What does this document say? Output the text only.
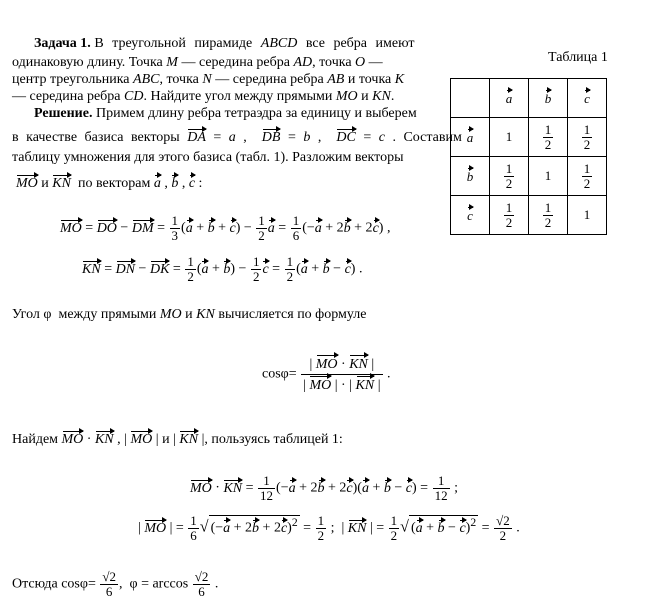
Задача 1. В треугольной пирамиде ABCD все ребра имеют
одинаковую длину. Точка M — середина ребра AD, точка O —
центр треугольника ABC, точка N — середина ребра AB и точка K
— середина ребра CD. Найдите угол между прямыми MO и KN.
Решение. Примем длину ребра тетраэдра за единицу и выберем
в качестве базиса векторы DA = a ,  DB = b ,  DC = c . Составим
таблицу умножения для этого базиса (табл. 1). Разложим векторы
MO и KN по векторам a , b , c :
MO = DO − DM = $\frac{1}{3} (a + b + c) - \frac{1}{2}$ $a = \frac{1}{6} (-a + 2b + 2c)$ ,
KN = DN − DK = $\frac{1}{2} (a + b) - \frac{1}{2}$ $c = \frac{1}{2} (a + b - c)$ .
Угол φ  между прямыми MO и KN вычисляется по формуле
$\cos\varphi= \frac{| MO \cdot KN |}{| MO | \cdot | KN |}$ .
Найдем MO · KN , | MO | и | KN |, пользуясь таблицей 1:
MO · KN = $\frac{1}{12} (-a + 2b + 2c)(a + b - c) = \frac{1}{12}$ ;
| MO | = $\frac{1}{6}$ √ $(-a + 2b + 2c)^2 = \frac{1}{2}$ ;  | KN | = $\frac{1}{2}$ √ $(a + b - c)^2 = \frac{√2}{2}$ .
Отсюда $\cos\varphi= \frac{√2}{6}$ ,  $\varphi = \arccos \frac{√2}{6}$ .
Таблица 1
	a	b	c
a	1	$\frac{1}{2}$	$\frac{1}{2}$

b	$\frac{1}{2}$	1	$\frac{1}{2}$

c	$\frac{1}{2}$	$\frac{1}{2}$	1
